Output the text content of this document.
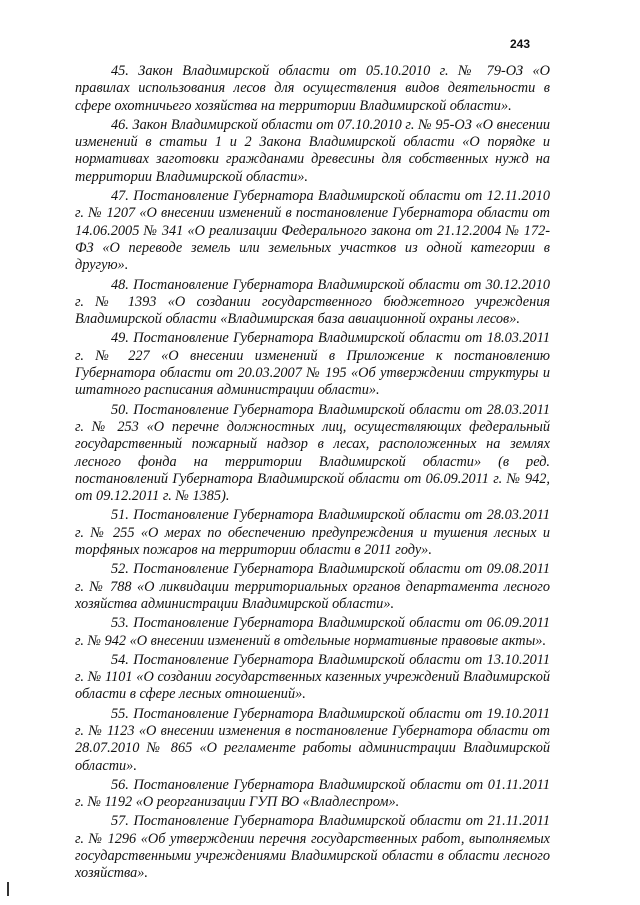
243

45. Закон Владимирской области от 05.10.2010 г. № 79-ОЗ «О правилах использования лесов для осуществления видов деятельности в сфере охотничьего хозяйства на территории Владимирской области».

46. Закон Владимирской области от 07.10.2010 г. № 95-ОЗ «О внесении изменений в статьи 1 и 2 Закона Владимирской области «О порядке и нормативах заготовки гражданами древесины для собственных нужд на территории Владимирской области».

47. Постановление Губернатора Владимирской области от 12.11.2010 г. № 1207 «О внесении изменений в постановление Губернатора области от 14.06.2005 № 341 «О реализации Федерального закона от 21.12.2004 № 172-ФЗ «О переводе земель или земельных участков из одной категории в другую».

48. Постановление Губернатора Владимирской области от 30.12.2010 г. № 1393 «О создании государственного бюджетного учреждения Владимирской области «Владимирская база авиационной охраны лесов».

49. Постановление Губернатора Владимирской области от 18.03.2011 г. № 227 «О внесении изменений в Приложение к постановлению Губернатора области от 20.03.2007 № 195 «Об утверждении структуры и штатного расписания администрации области».

50. Постановление Губернатора Владимирской области от 28.03.2011 г. № 253 «О перечне должностных лиц, осуществляющих федеральный государственный пожарный надзор в лесах, расположенных на землях лесного фонда на территории Владимирской области» (в ред. постановлений Губернатора Владимирской области от 06.09.2011 г. № 942, от 09.12.2011 г. № 1385).

51. Постановление Губернатора Владимирской области от 28.03.2011 г. № 255 «О мерах по обеспечению предупреждения и тушения лесных и торфяных пожаров на территории области в 2011 году».

52. Постановление Губернатора Владимирской области от 09.08.2011 г. № 788 «О ликвидации территориальных органов департамента лесного хозяйства администрации Владимирской области».

53. Постановление Губернатора Владимирской области от 06.09.2011 г. № 942 «О внесении изменений в отдельные нормативные правовые акты».

54. Постановление Губернатора Владимирской области от 13.10.2011 г. № 1101 «О создании государственных казенных учреждений Владимирской области в сфере лесных отношений».

55. Постановление Губернатора Владимирской области от 19.10.2011 г. № 1123 «О внесении изменения в постановление Губернатора области от 28.07.2010 № 865 «О регламенте работы администрации Владимирской области».

56. Постановление Губернатора Владимирской области от 01.11.2011 г. № 1192 «О реорганизации ГУП ВО «Владлеспром».

57. Постановление Губернатора Владимирской области от 21.11.2011 г. № 1296 «Об утверждении перечня государственных работ, выполняемых государственными учреждениями Владимирской области в области лесного хозяйства».
